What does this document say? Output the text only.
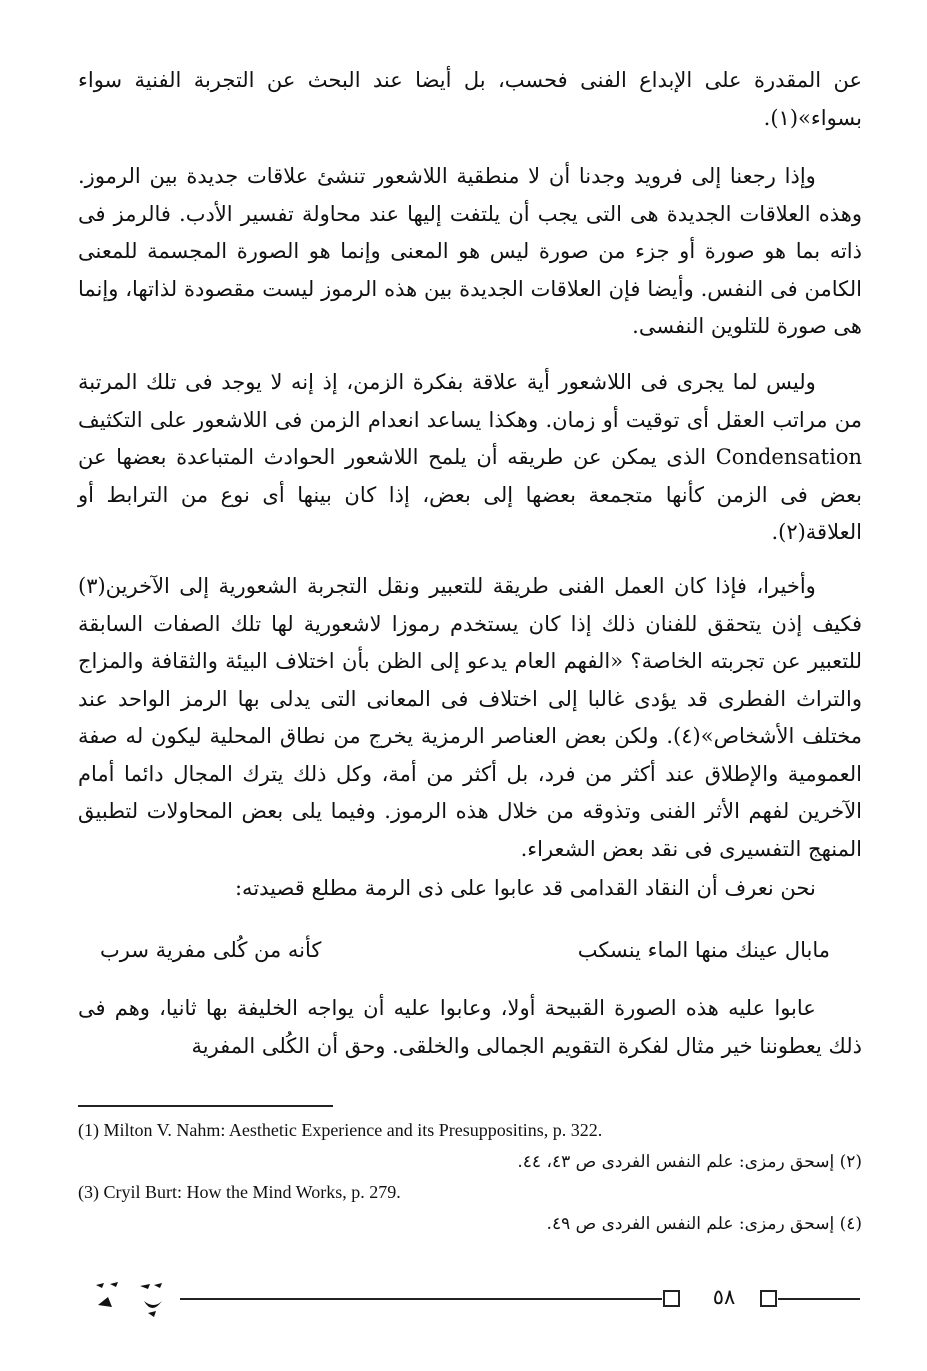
عن المقدرة على الإبداع الفنى فحسب، بل أيضا عند البحث عن التجربة الفنية سواء بسواء»(١).

وإذا رجعنا إلى فرويد وجدنا أن لا منطقية اللاشعور تنشئ علاقات جديدة بين الرموز. وهذه العلاقات الجديدة هى التى يجب أن يلتفت إليها عند محاولة تفسير الأدب. فالرمز فى ذاته بما هو صورة أو جزء من صورة ليس هو المعنى وإنما هو الصورة المجسمة للمعنى الكامن فى النفس. وأيضا فإن العلاقات الجديدة بين هذه الرموز ليست مقصودة لذاتها، وإنما هى صورة للتلوين النفسى.

وليس لما يجرى فى اللاشعور أية علاقة بفكرة الزمن، إذ إنه لا يوجد فى تلك المرتبة من مراتب العقل أى توقيت أو زمان. وهكذا يساعد انعدام الزمن فى اللاشعور على التكثيف Condensation الذى يمكن عن طريقه أن يلمح اللاشعور الحوادث المتباعدة بعضها عن بعض فى الزمن كأنها متجمعة بعضها إلى بعض، إذا كان بينها أى نوع من الترابط أو العلاقة(٢).

وأخيرا، فإذا كان العمل الفنى طريقة للتعبير ونقل التجربة الشعورية إلى الآخرين(٣) فكيف إذن يتحقق للفنان ذلك إذا كان يستخدم رموزا لاشعورية لها تلك الصفات السابقة للتعبير عن تجربته الخاصة؟ «الفهم العام يدعو إلى الظن بأن اختلاف البيئة والثقافة والمزاج والتراث الفطرى قد يؤدى غالبا إلى اختلاف فى المعانى التى يدلى بها الرمز الواحد عند مختلف الأشخاص»(٤). ولكن بعض العناصر الرمزية يخرج من نطاق المحلية ليكون له صفة العمومية والإطلاق عند أكثر من فرد، بل أكثر من أمة، وكل ذلك يترك المجال دائما أمام الآخرين لفهم الأثر الفنى وتذوقه من خلال هذه الرموز. وفيما يلى بعض المحاولات لتطبيق المنهج التفسيرى فى نقد بعض الشعراء.

نحن نعرف أن النقاد القدامى قد عابوا على ذى الرمة مطلع قصيدته:

مابال عينك منها الماء ينسكب
كأنه من كُلى مفرية سرب

عابوا عليه هذه الصورة القبيحة أولا، وعابوا عليه أن يواجه الخليفة بها ثانيا، وهم فى ذلك يعطوننا خير مثال لفكرة التقويم الجمالى والخلقى. وحق أن الكُلى المفرية

(1) Milton V. Nahm: Aesthetic Experience and its Presuppositins, p. 322.
(٢) إسحق رمزى: علم النفس الفردى ص ٤٣، ٤٤.
(3) Cryil Burt: How the Mind Works, p. 279.
(٤) إسحق رمزى: علم النفس الفردى ص ٤٩.
٥٨
